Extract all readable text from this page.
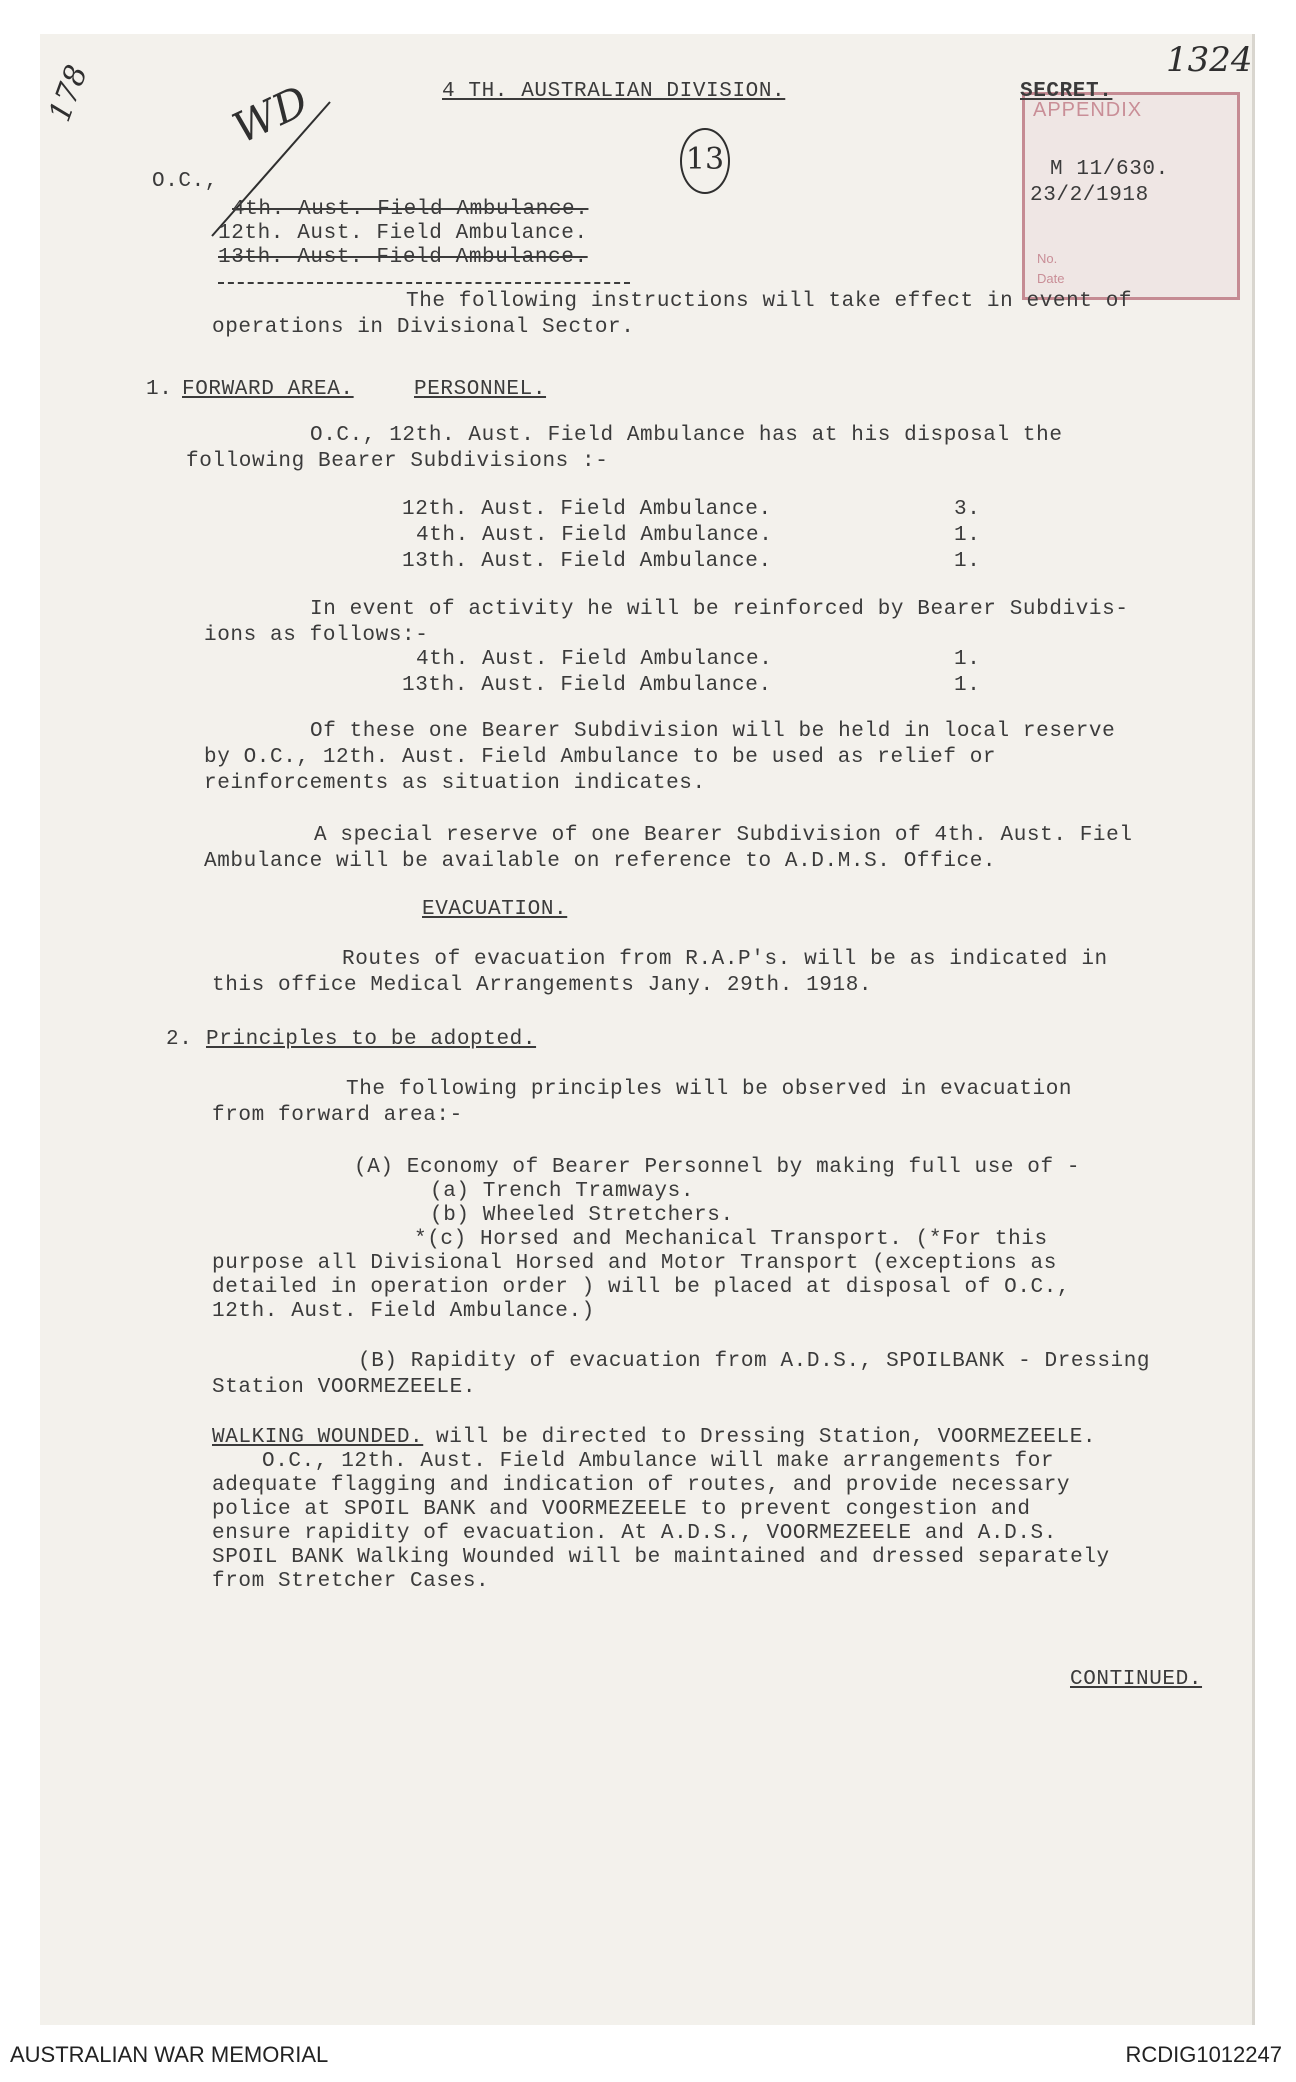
178	WD	4 TH. AUSTRALIAN DIVISION.
13
APPENDIX
No.
Date
SECRET.
1324
M 11/630.
23/2/1918
O.C.,
4th. Aust. Field Ambulance.
12th. Aust. Field Ambulance.
13th. Aust. Field Ambulance.
The following instructions will take effect in event of
operations in Divisional Sector.
1. FORWARD AREA.	PERSONNEL.
O.C., 12th. Aust. Field Ambulance has at his disposal the
following Bearer Subdivisions :-
12th. Aust. Field Ambulance.	3.
4th. Aust. Field Ambulance.	1.
13th. Aust. Field Ambulance.	1.
In event of activity he will be reinforced by Bearer Subdivis-
ions as follows:-
4th. Aust. Field Ambulance.	1.
13th. Aust. Field Ambulance.	1.
Of these one Bearer Subdivision will be held in local reserve
by O.C., 12th. Aust. Field Ambulance to be used as relief or
reinforcements as situation indicates.
A special reserve of one Bearer Subdivision of 4th. Aust. Fiel
Ambulance will be available on reference to A.D.M.S. Office.
EVACUATION.
Routes of evacuation from R.A.P's. will be as indicated in
this office Medical Arrangements Jany. 29th. 1918.
2. Principles to be adopted.
The following principles will be observed in evacuation
from forward area:-
(A) Economy of Bearer Personnel by making full use of -
(a) Trench Tramways.
(b) Wheeled Stretchers.
*(c) Horsed and Mechanical Transport. (*For this
purpose all Divisional Horsed and Motor Transport (exceptions as
detailed in operation order ) will be placed at disposal of O.C.,
12th. Aust. Field Ambulance.)
(B) Rapidity of evacuation from A.D.S., SPOILBANK - Dressing
Station VOORMEZEELE.
WALKING WOUNDED. will be directed to Dressing Station, VOORMEZEELE.
O.C., 12th. Aust. Field Ambulance will make arrangements for
adequate flagging and indication of routes, and provide necessary
police at SPOIL BANK and VOORMEZEELE to prevent congestion and
ensure rapidity of evacuation. At A.D.S., VOORMEZEELE and A.D.S.
SPOIL BANK Walking Wounded will be maintained and dressed separately
from Stretcher Cases.
CONTINUED.
AUSTRALIAN WAR MEMORIAL	RCDIG1012247
